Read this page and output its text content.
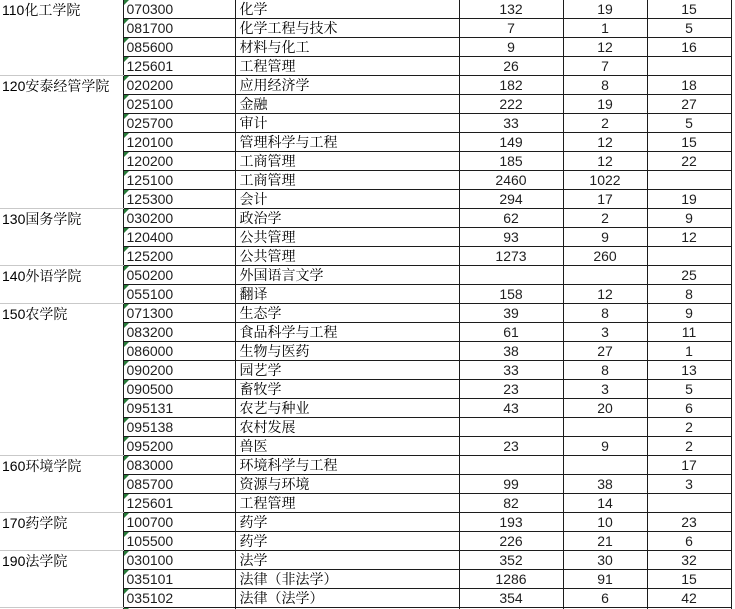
110化工学院	070300	化学	132	19	15

081700	化学工程与技术	7	1	5

085600	材料与化工	9	12	16

125601	工程管理	26	7	
120安泰经管学院	020200	应用经济学	182	8	18

025100	金融	222	19	27

025700	审计	33	2	5

120100	管理科学与工程	149	12	15

120200	工商管理	185	12	22

125100	工商管理	2460	1022	

125300	会计	294	17	19
130国务学院	030200	政治学	62	2	9

120400	公共管理	93	9	12

125200	公共管理	1273	260	
140外语学院	050200	外国语言文学			25

055100	翻译	158	12	8
150农学院	071300	生态学	39	8	9

083200	食品科学与工程	61	3	11

086000	生物与医药	38	27	1

090200	园艺学	33	8	13

090500	畜牧学	23	3	5

095131	农艺与种业	43	20	6

095138	农村发展			2

095200	兽医	23	9	2
160环境学院	083000	环境科学与工程			17

085700	资源与环境	99	38	3

125601	工程管理	82	14	
170药学院	100700	药学	193	10	23

105500	药学	226	21	6
190法学院	030100	法学	352	30	32

035101	法律（非法学）	1286	91	15

035102	法律（法学）	354	6	42
